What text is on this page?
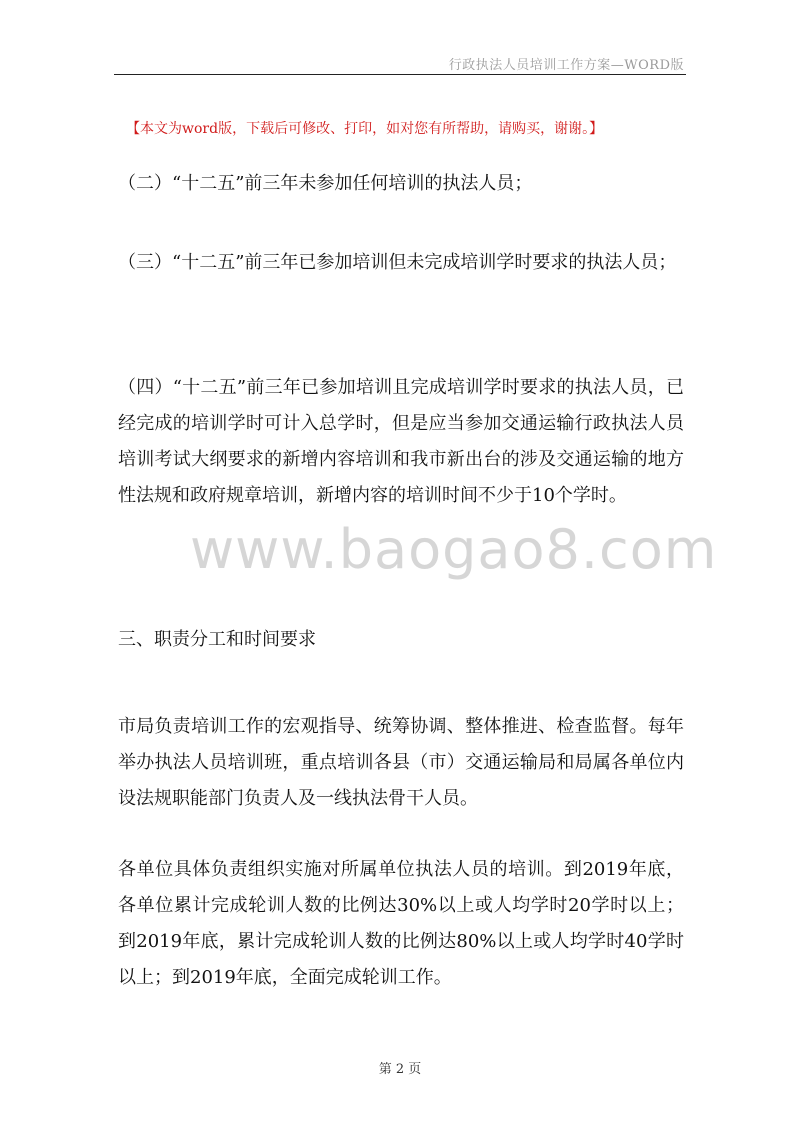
行政执法人员培训工作方案—WORD版
【本文为word版，下载后可修改、打印，如对您有所帮助，请购买，谢谢。】

（二）“十二五”前三年未参加任何培训的执法人员；

（三）“十二五”前三年已参加培训但未完成培训学时要求的执法人员；

（四）“十二五”前三年已参加培训且完成培训学时要求的执法人员，已经完成的培训学时可计入总学时，但是应当参加交通运输行政执法人员培训考试大纲要求的新增内容培训和我市新出台的涉及交通运输的地方性法规和政府规章培训，新增内容的培训时间不少于10个学时。

三、职责分工和时间要求

市局负责培训工作的宏观指导、统筹协调、整体推进、检查监督。每年举办执法人员培训班，重点培训各县（市）交通运输局和局属各单位内设法规职能部门负责人及一线执法骨干人员。

各单位具体负责组织实施对所属单位执法人员的培训。到2019年底，各单位累计完成轮训人数的比例达30%以上或人均学时20学时以上；到2019年底，累计完成轮训人数的比例达80%以上或人均学时40学时以上；到2019年底，全面完成轮训工作。

www.baogao8.com
第 2 页
